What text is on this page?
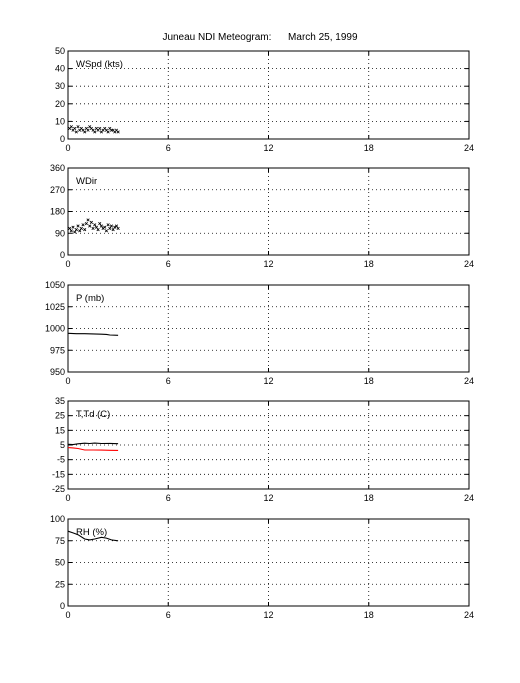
Juneau NDI Meteogram:      March 25, 1999
0	6	12	18	24
0
10
20
30
40
50
WSpd (kts)
0	6	12	18	24
0
90
180
270
360
WDir
0	6	12	18	24
950
975
1000
1025
1050
P (mb)
0	6	12	18	24
-25
-15
-5
5
15
25
35
T,Td (C)
0	6	12	18	24
0
25
50
75
100
RH (%)
